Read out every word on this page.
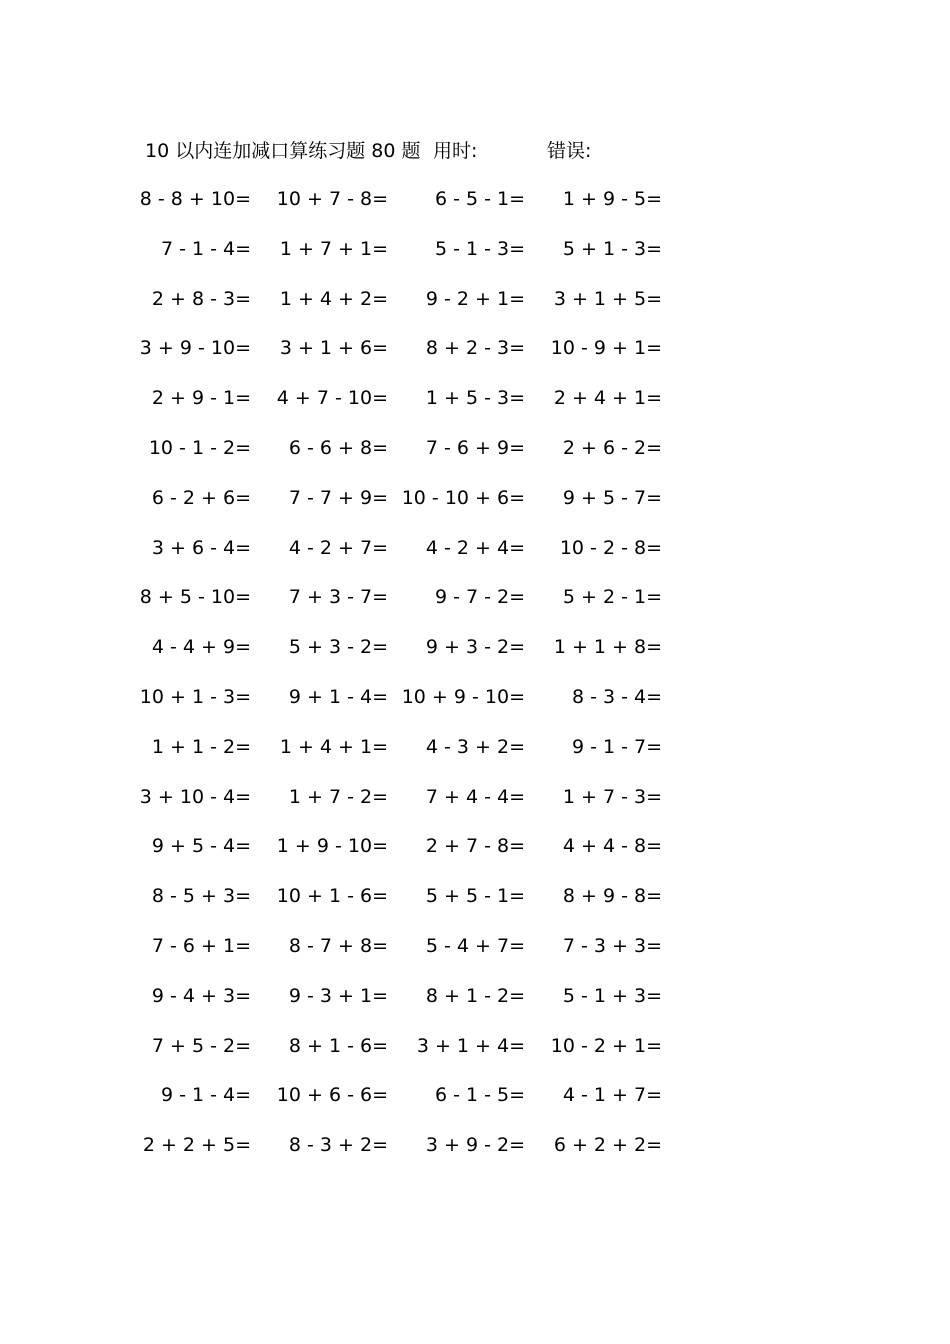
10 以内连加减口算练习题 80 题 用时:	错误:
8 - 8 + 10= 10 + 7 - 8= 6 - 5 - 1= 1 + 9 - 5=
7 - 1 - 4= 1 + 7 + 1= 5 - 1 - 3= 5 + 1 - 3=
2 + 8 - 3= 1 + 4 + 2= 9 - 2 + 1= 3 + 1 + 5=
3 + 9 - 10= 3 + 1 + 6= 8 + 2 - 3= 10 - 9 + 1=
2 + 9 - 1= 4 + 7 - 10= 1 + 5 - 3= 2 + 4 + 1=
10 - 1 - 2= 6 - 6 + 8= 7 - 6 + 9= 2 + 6 - 2=
6 - 2 + 6= 7 - 7 + 9= 10 - 10 + 6= 9 + 5 - 7=
3 + 6 - 4= 4 - 2 + 7= 4 - 2 + 4= 10 - 2 - 8=
8 + 5 - 10= 7 + 3 - 7= 9 - 7 - 2= 5 + 2 - 1=
4 - 4 + 9= 5 + 3 - 2= 9 + 3 - 2= 1 + 1 + 8=
10 + 1 - 3= 9 + 1 - 4= 10 + 9 - 10= 8 - 3 - 4=
1 + 1 - 2= 1 + 4 + 1= 4 - 3 + 2= 9 - 1 - 7=
3 + 10 - 4= 1 + 7 - 2= 7 + 4 - 4= 1 + 7 - 3=
9 + 5 - 4= 1 + 9 - 10= 2 + 7 - 8= 4 + 4 - 8=
8 - 5 + 3= 10 + 1 - 6= 5 + 5 - 1= 8 + 9 - 8=
7 - 6 + 1= 8 - 7 + 8= 5 - 4 + 7= 7 - 3 + 3=
9 - 4 + 3= 9 - 3 + 1= 8 + 1 - 2= 5 - 1 + 3=
7 + 5 - 2= 8 + 1 - 6= 3 + 1 + 4= 10 - 2 + 1=
9 - 1 - 4= 10 + 6 - 6= 6 - 1 - 5= 4 - 1 + 7=
2 + 2 + 5= 8 - 3 + 2= 3 + 9 - 2= 6 + 2 + 2=
